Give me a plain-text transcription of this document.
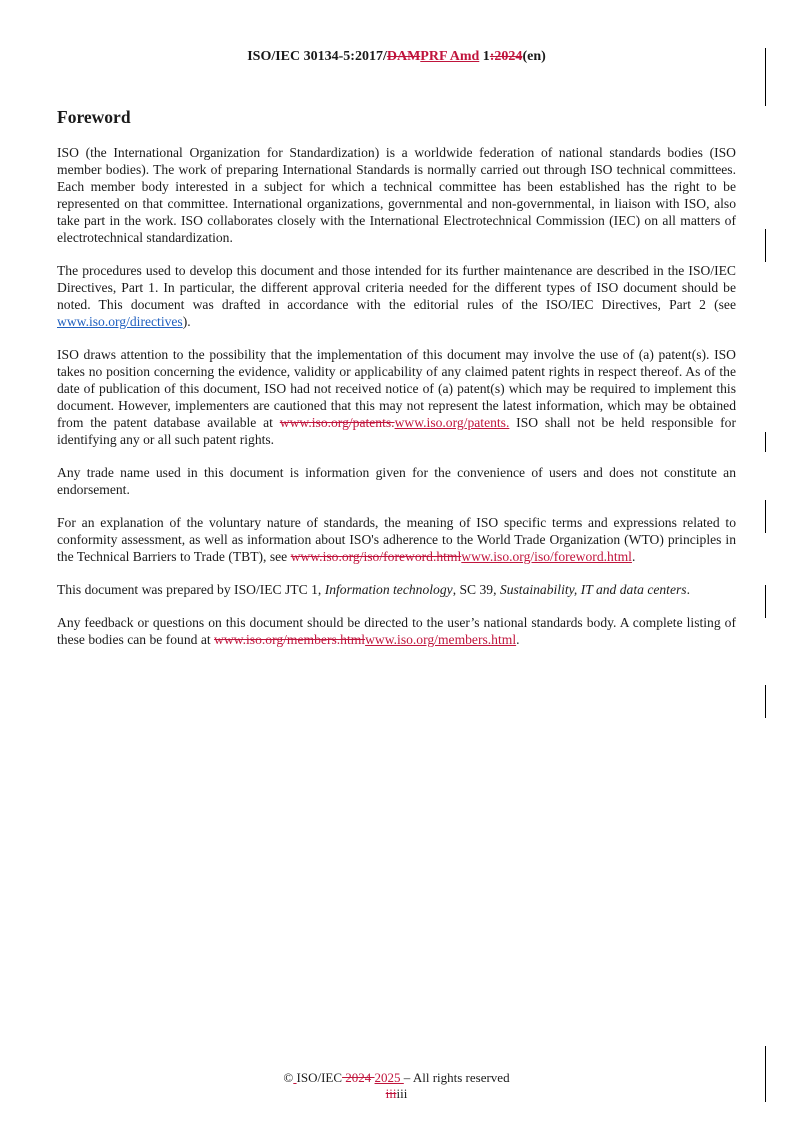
ISO/IEC 30134-5:2017/DAMPRF Amd 1:2024(en)
Foreword

ISO (the International Organization for Standardization) is a worldwide federation of national standards bodies (ISO member bodies). The work of preparing International Standards is normally carried out through ISO technical committees. Each member body interested in a subject for which a technical committee has been established has the right to be represented on that committee. International organizations, governmental and non-governmental, in liaison with ISO, also take part in the work. ISO collaborates closely with the International Electrotechnical Commission (IEC) on all matters of electrotechnical standardization.

The procedures used to develop this document and those intended for its further maintenance are described in the ISO/IEC Directives, Part 1. In particular, the different approval criteria needed for the different types of ISO document should be noted. This document was drafted in accordance with the editorial rules of the ISO/IEC Directives, Part 2 (see www.iso.org/directives).

ISO draws attention to the possibility that the implementation of this document may involve the use of (a) patent(s). ISO takes no position concerning the evidence, validity or applicability of any claimed patent rights in respect thereof. As of the date of publication of this document, ISO had not received notice of (a) patent(s) which may be required to implement this document. However, implementers are cautioned that this may not represent the latest information, which may be obtained from the patent database available at www.iso.org/patents.www.iso.org/patents. ISO shall not be held responsible for identifying any or all such patent rights.

Any trade name used in this document is information given for the convenience of users and does not constitute an endorsement.

For an explanation of the voluntary nature of standards, the meaning of ISO specific terms and expressions related to conformity assessment, as well as information about ISO's adherence to the World Trade Organization (WTO) principles in the Technical Barriers to Trade (TBT), see www.iso.org/iso/foreword.htmlwww.iso.org/iso/foreword.html.

This document was prepared by ISO/IEC JTC 1, Information technology, SC 39, Sustainability, IT and data centers.

Any feedback or questions on this document should be directed to the user’s national standards body. A complete listing of these bodies can be found at www.iso.org/members.htmlwww.iso.org/members.html.

© ISO/IEC 2024 2025 – All rights reserved
iiiiii
